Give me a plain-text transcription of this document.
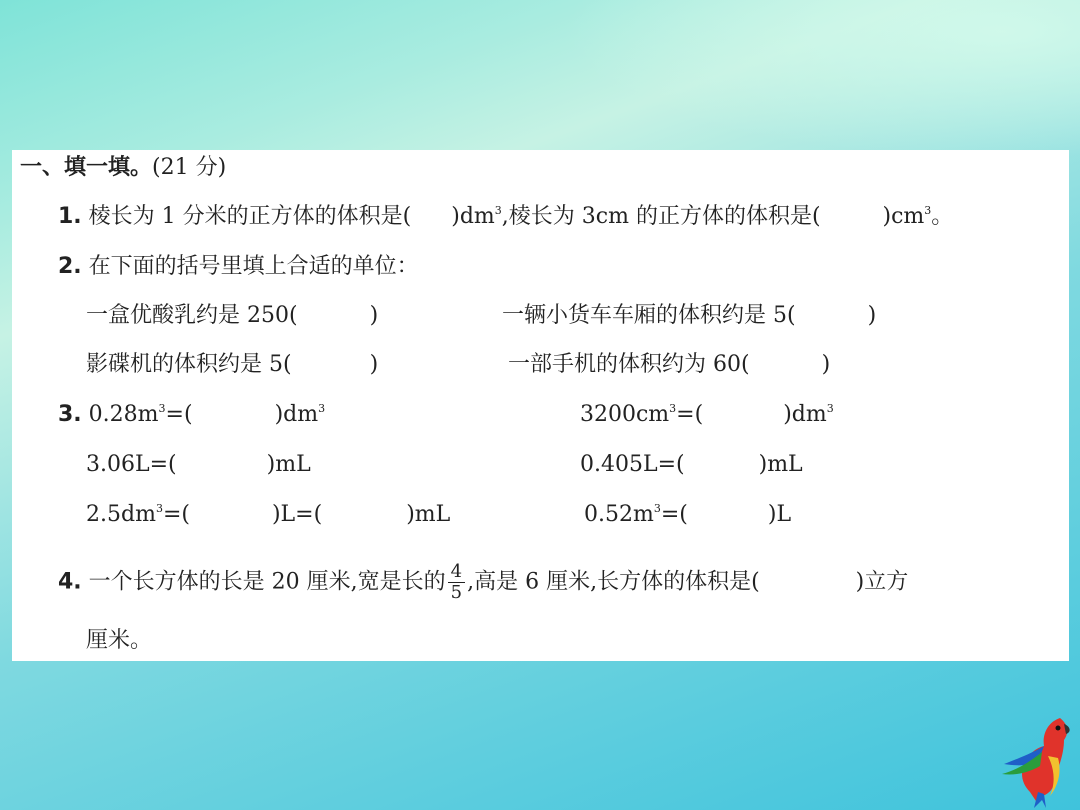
一、填一填。(21 分)
1. 棱长为 1 分米的正方体的体积是( )$dm^3$,棱长为 3cm 的正方体的体积是(	)$cm^3$。
2. 在下面的括号里填上合适的单位：
一盒优酸乳约是 250(	)	一辆小货车车厢的体积约是 5(	)
影碟机的体积约是 5(	)	一部手机的体积约为 60(	)
3. $0.28m^3=$(	)$dm^3$	$3200cm^3=$(	)$dm^3$
3.06L=(	)mL	0.405L=(	)mL
$2.5dm^3=$(	)L=(	)mL	$0.52m^3=$(	)L
4. 一个长方体的长是 20 厘米,宽是长的 $\frac{4}{5}$ ,高是 6 厘米,长方体的体积是(	)立方
厘米。
